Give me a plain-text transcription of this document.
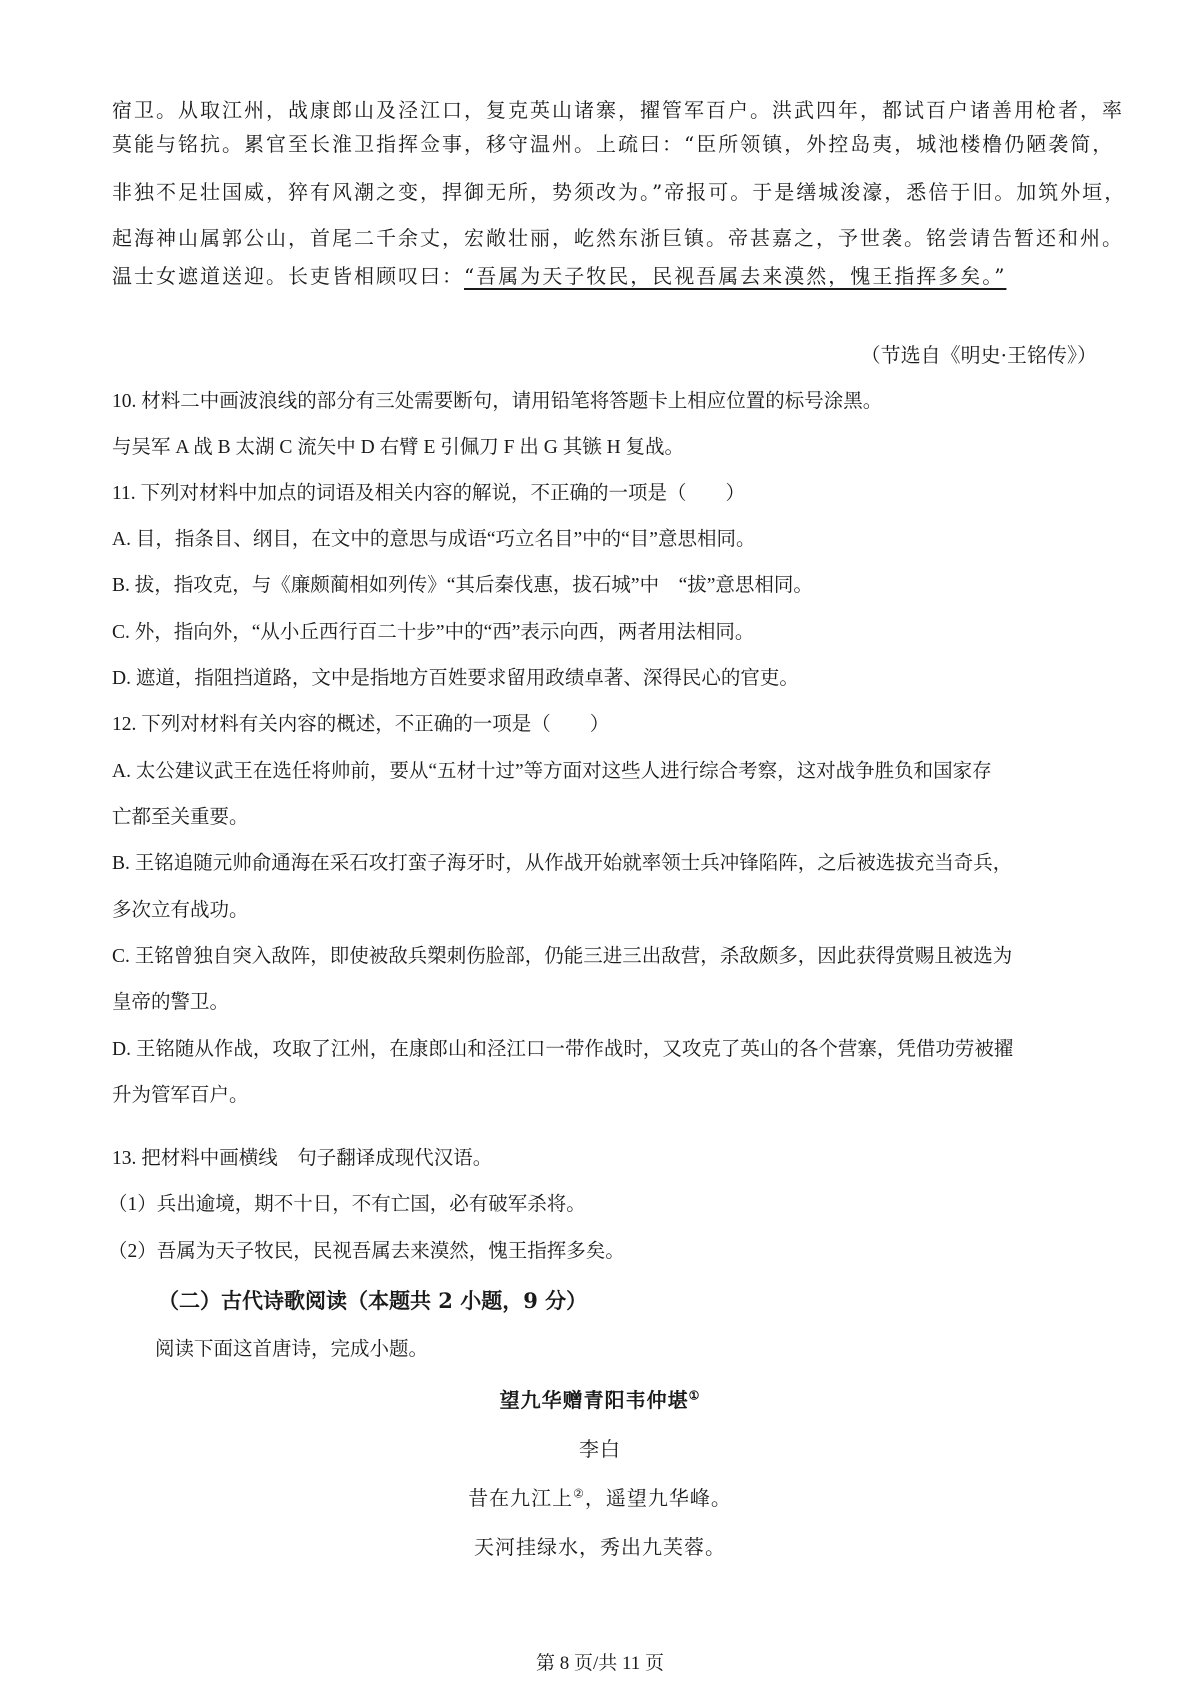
宿卫。从取江州，战康郎山及泾江口，复克英山诸寨，擢管军百户。洪武四年，都试百户诸善用枪者，率
莫能与铭抗。累官至长淮卫指挥佥事，移守温州。上疏曰：“臣所领镇，外控岛夷，城池楼橹仍陋袭简，
非独不足壮国威，猝有风潮之变，捍御无所，势须改为。”帝报可。于是缮城浚濠，悉倍于旧。加筑外垣，
起海神山属郭公山，首尾二千余丈，宏敞壮丽，屹然东浙巨镇。帝甚嘉之，予世袭。铭尝请告暂还和州。
温士女遮道送迎。长吏皆相顾叹曰：“吾属为天子牧民，民视吾属去来漠然，愧王指挥多矣。”
（节选自《明史·王铭传》）
10. 材料二中画波浪线的部分有三处需要断句，请用铅笔将答题卡上相应位置的标号涂黑。
与吴军 A 战 B 太湖 C 流矢中 D 右臂 E 引佩刀 F 出 G 其镞 H 复战。
11. 下列对材料中加点的词语及相关内容的解说，不正确的一项是（　　）
A. 目，指条目、纲目，在文中的意思与成语“巧立名目”中的“目”意思相同。
B. 拔，指攻克，与《廉颇蔺相如列传》“其后秦伐惠，拔石城”中　“拔”意思相同。
C. 外，指向外，“从小丘西行百二十步”中的“西”表示向西，两者用法相同。
D. 遮道，指阻挡道路，文中是指地方百姓要求留用政绩卓著、深得民心的官吏。
12. 下列对材料有关内容的概述，不正确的一项是（　　）
A. 太公建议武王在选任将帅前，要从“五材十过”等方面对这些人进行综合考察，这对战争胜负和国家存
亡都至关重要。
B. 王铭追随元帅俞通海在采石攻打蛮子海牙时，从作战开始就率领士兵冲锋陷阵，之后被选拔充当奇兵，
多次立有战功。
C. 王铭曾独自突入敌阵，即使被敌兵槊刺伤脸部，仍能三进三出敌营，杀敌颇多，因此获得赏赐且被选为
皇帝的警卫。
D. 王铭随从作战，攻取了江州，在康郎山和泾江口一带作战时，又攻克了英山的各个营寨，凭借功劳被擢
升为管军百户。
13. 把材料中画横线　句子翻译成现代汉语。
（1）兵出逾境，期不十日，不有亡国，必有破军杀将。
（2）吾属为天子牧民，民视吾属去来漠然，愧王指挥多矣。
（二）古代诗歌阅读（本题共 2 小题，9 分）
阅读下面这首唐诗，完成小题。
望九华赠青阳韦仲堪①
李白
昔在九江上②，遥望九华峰。
天河挂绿水，秀出九芙蓉。
第 8 页/共 11 页
